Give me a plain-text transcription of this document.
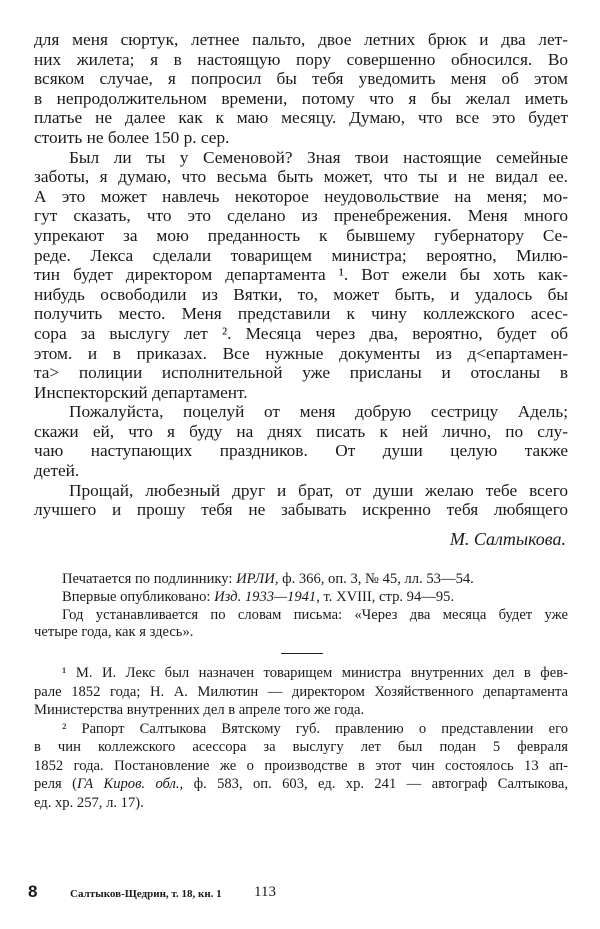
для меня сюртук, летнее пальто, двое летних брюк и два лет-
них жилета; я в настоящую пору совершенно обносился. Во
всяком случае, я попросил бы тебя уведомить меня об этом
в непродолжительном времени, потому что я бы желал иметь
платье не далее как к маю месяцу. Думаю, что все это будет
стоить не более 150 р. сер.
Был ли ты у Семеновой? Зная твои настоящие семейные
заботы, я думаю, что весьма быть может, что ты и не видал ее.
А это может навлечь некоторое неудовольствие на меня; мо-
гут сказать, что это сделано из пренебрежения. Меня много
упрекают за мою преданность к бывшему губернатору Се-
реде. Лекса сделали товарищем министра; вероятно, Милю-
тин будет директором департамента ¹. Вот ежели бы хоть как-
нибудь освободили из Вятки, то, может быть, и удалось бы
получить место. Меня представили к чину коллежского асес-
сора за выслугу лет ². Месяца через два, вероятно, будет об
этом. и в приказах. Все нужные документы из д<епартамен-
та> полиции исполнительной уже присланы и отосланы в
Инспекторский департамент.
Пожалуйста, поцелуй от меня добрую сестрицу Адель;
скажи ей, что я буду на днях писать к ней лично, по слу-
чаю наступающих праздников. От души целую также
детей.
Прощай, любезный друг и брат, от души желаю тебе всего
лучшего и прошу тебя не забывать искренно тебя любящего
М. Салтыкова.
Печатается по подлиннику: ИРЛИ, ф. 366, оп. 3, № 45, лл. 53—54.
Впервые опубликовано: Изд. 1933—1941, т. XVIII, стр. 94—95.
Год устанавливается по словам письма: «Через два месяца будет уже
четыре года, как я здесь».
¹ М. И. Лекс был назначен товарищем министра внутренних дел в фев-
рале 1852 года; Н. А. Милютин — директором Хозяйственного департамента
Министерства внутренних дел в апреле того же года.
² Рапорт Салтыкова Вятскому губ. правлению о представлении его
в чин коллежского асессора за выслугу лет был подан 5 февраля
1852 года. Постановление же о производстве в этот чин состоялось 13 ап-
реля (ГА Киров. обл., ф. 583, оп. 603, ед. хр. 241 — автограф Салтыкова,
ед. хр. 257, л. 17).
8	Салтыков-Щедрин, т. 18, кн. 1 113
